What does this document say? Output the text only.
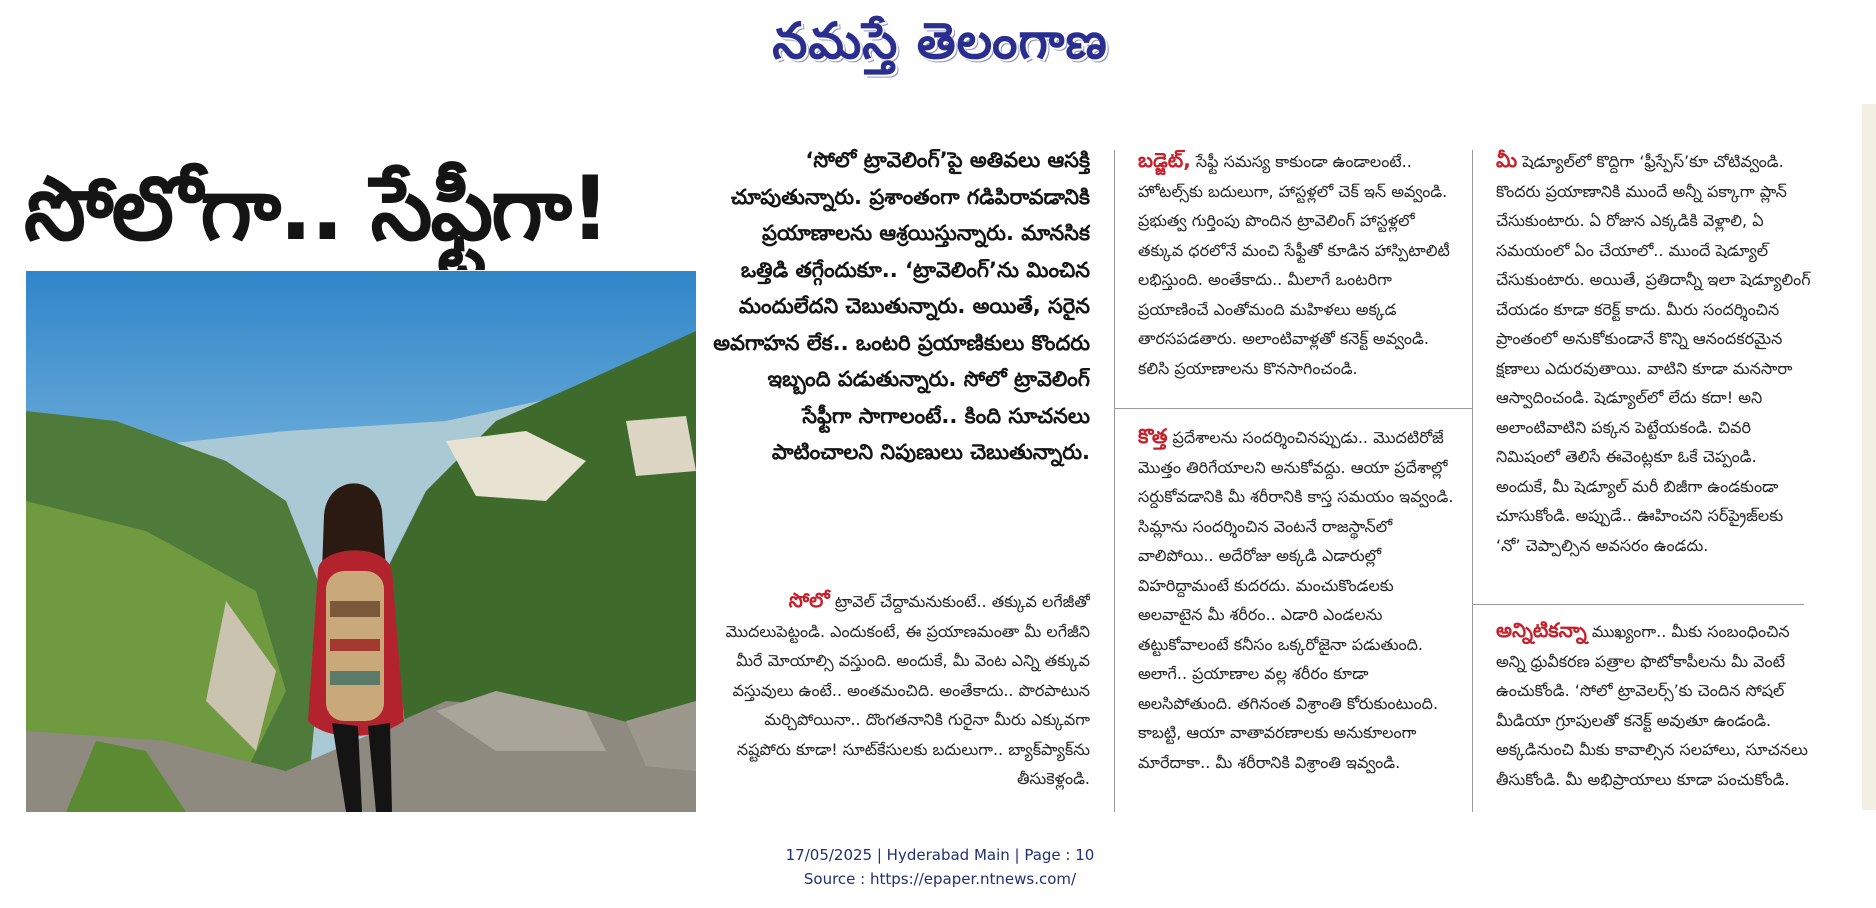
నమస్తే తెలంగాణ
సోలోగా.. సేఫ్టీగా!	‘సోలో ట్రావెలింగ్’పై అతివలు ఆసక్తి చూపుతున్నారు. ప్రశాంతంగా గడిపిరావడానికి ప్రయాణాలను ఆశ్రయిస్తున్నారు. మానసిక ఒత్తిడి తగ్గేందుకూ.. ‘ట్రావెలింగ్’ను మించిన మందులేదని చెబుతున్నారు. అయితే, సరైన అవగాహన లేక.. ఒంటరి ప్రయాణికులు కొందరు ఇబ్బంది పడుతున్నారు. సోలో ట్రావెలింగ్ సేఫ్టీగా సాగాలంటే.. కింది సూచనలు పాటించాలని నిపుణులు చెబుతున్నారు.
సోలో ట్రావెల్ చేద్దామనుకుంటే.. తక్కువ లగేజీతో మొదలుపెట్టండి. ఎందుకంటే, ఈ ప్రయాణమంతా మీ లగేజీని మీరే మోయాల్సి వస్తుంది. అందుకే, మీ వెంట ఎన్ని తక్కువ వస్తువులు ఉంటే.. అంతమంచిది. అంతేకాదు.. పొరపాటున మర్చిపోయినా.. దొంగతనానికి గురైనా మీరు ఎక్కువగా నష్టపోరు కూడా! సూట్‌కేసులకు బదులుగా.. బ్యాక్‌ప్యాక్‌ను తీసుకెళ్లండి.
బడ్జెట్, సేఫ్టీ సమస్య కాకుండా ఉండాలంటే.. హోటల్స్‌కు బదులుగా, హాస్టళ్లలో చెక్ ఇన్ అవ్వండి. ప్రభుత్వ గుర్తింపు పొందిన ట్రావెలింగ్ హాస్టళ్లలో తక్కువ ధరలోనే మంచి సేఫ్టీతో కూడిన హాస్పిటాలిటీ లభిస్తుంది. అంతేకాదు.. మీలాగే ఒంటరిగా ప్రయాణించే ఎంతోమంది మహిళలు అక్కడ తారసపడతారు. అలాంటివాళ్లతో కనెక్ట్ అవ్వండి. కలిసి ప్రయాణాలను కొనసాగించండి.
కొత్త ప్రదేశాలను సందర్శించినప్పుడు.. మొదటిరోజే మొత్తం తిరిగేయాలని అనుకోవద్దు. ఆయా ప్రదేశాల్లో సర్దుకోవడానికి మీ శరీరానికి కాస్త సమయం ఇవ్వండి. సిమ్లాను సందర్శించిన వెంటనే రాజస్థాన్‌లో వాలిపోయి.. అదేరోజు అక్కడి ఎడారుల్లో విహరిద్దామంటే కుదరదు. మంచుకొండలకు అలవాటైన మీ శరీరం.. ఎడారి ఎండలను తట్టుకోవాలంటే కనీసం ఒక్కరోజైనా పడుతుంది. అలాగే.. ప్రయాణాల వల్ల శరీరం కూడా అలసిపోతుంది. తగినంత విశ్రాంతి కోరుకుంటుంది. కాబట్టి, ఆయా వాతావరణాలకు అనుకూలంగా మారేదాకా.. మీ శరీరానికి విశ్రాంతి ఇవ్వండి.
మీ షెడ్యూల్‌లో కొద్దిగా ‘ఫ్రీస్పేస్’కూ చోటివ్వండి. కొందరు ప్రయాణానికి ముందే అన్నీ పక్కాగా ప్లాన్ చేసుకుంటారు. ఏ రోజున ఎక్కడికి వెళ్లాలి, ఏ సమయంలో ఏం చేయాలో.. ముందే షెడ్యూల్ చేసుకుంటారు. అయితే, ప్రతిదాన్నీ ఇలా షెడ్యూలింగ్ చేయడం కూడా కరెక్ట్ కాదు. మీరు సందర్శించిన ప్రాంతంలో అనుకోకుండానే కొన్ని ఆనందకరమైన క్షణాలు ఎదురవుతాయి. వాటిని కూడా మనసారా ఆస్వాదించండి. షెడ్యూల్‌లో లేదు కదా! అని అలాంటివాటిని పక్కన పెట్టేయకండి. చివరి నిమిషంలో తెలిసే ఈవెంట్లకూ ఓకే చెప్పండి. అందుకే, మీ షెడ్యూల్ మరీ బిజీగా ఉండకుండా చూసుకోండి. అప్పుడే.. ఊహించని సర్‌ప్రైజ్‌లకు ‘నో’ చెప్పాల్సిన అవసరం ఉండదు.
అన్నిటికన్నా ముఖ్యంగా.. మీకు సంబంధించిన అన్ని ధ్రువీకరణ పత్రాల ఫొటోకాపీలను మీ వెంటే ఉంచుకోండి. ‘సోలో ట్రావెలర్స్’కు చెందిన సోషల్ మీడియా గ్రూపులతో కనెక్ట్ అవుతూ ఉండండి. అక్కడినుంచి మీకు కావాల్సిన సలహాలు, సూచనలు తీసుకోండి. మీ అభిప్రాయాలు కూడా పంచుకోండి.
17/05/2025 | Hyderabad Main | Page : 10
Source : https://epaper.ntnews.com/
